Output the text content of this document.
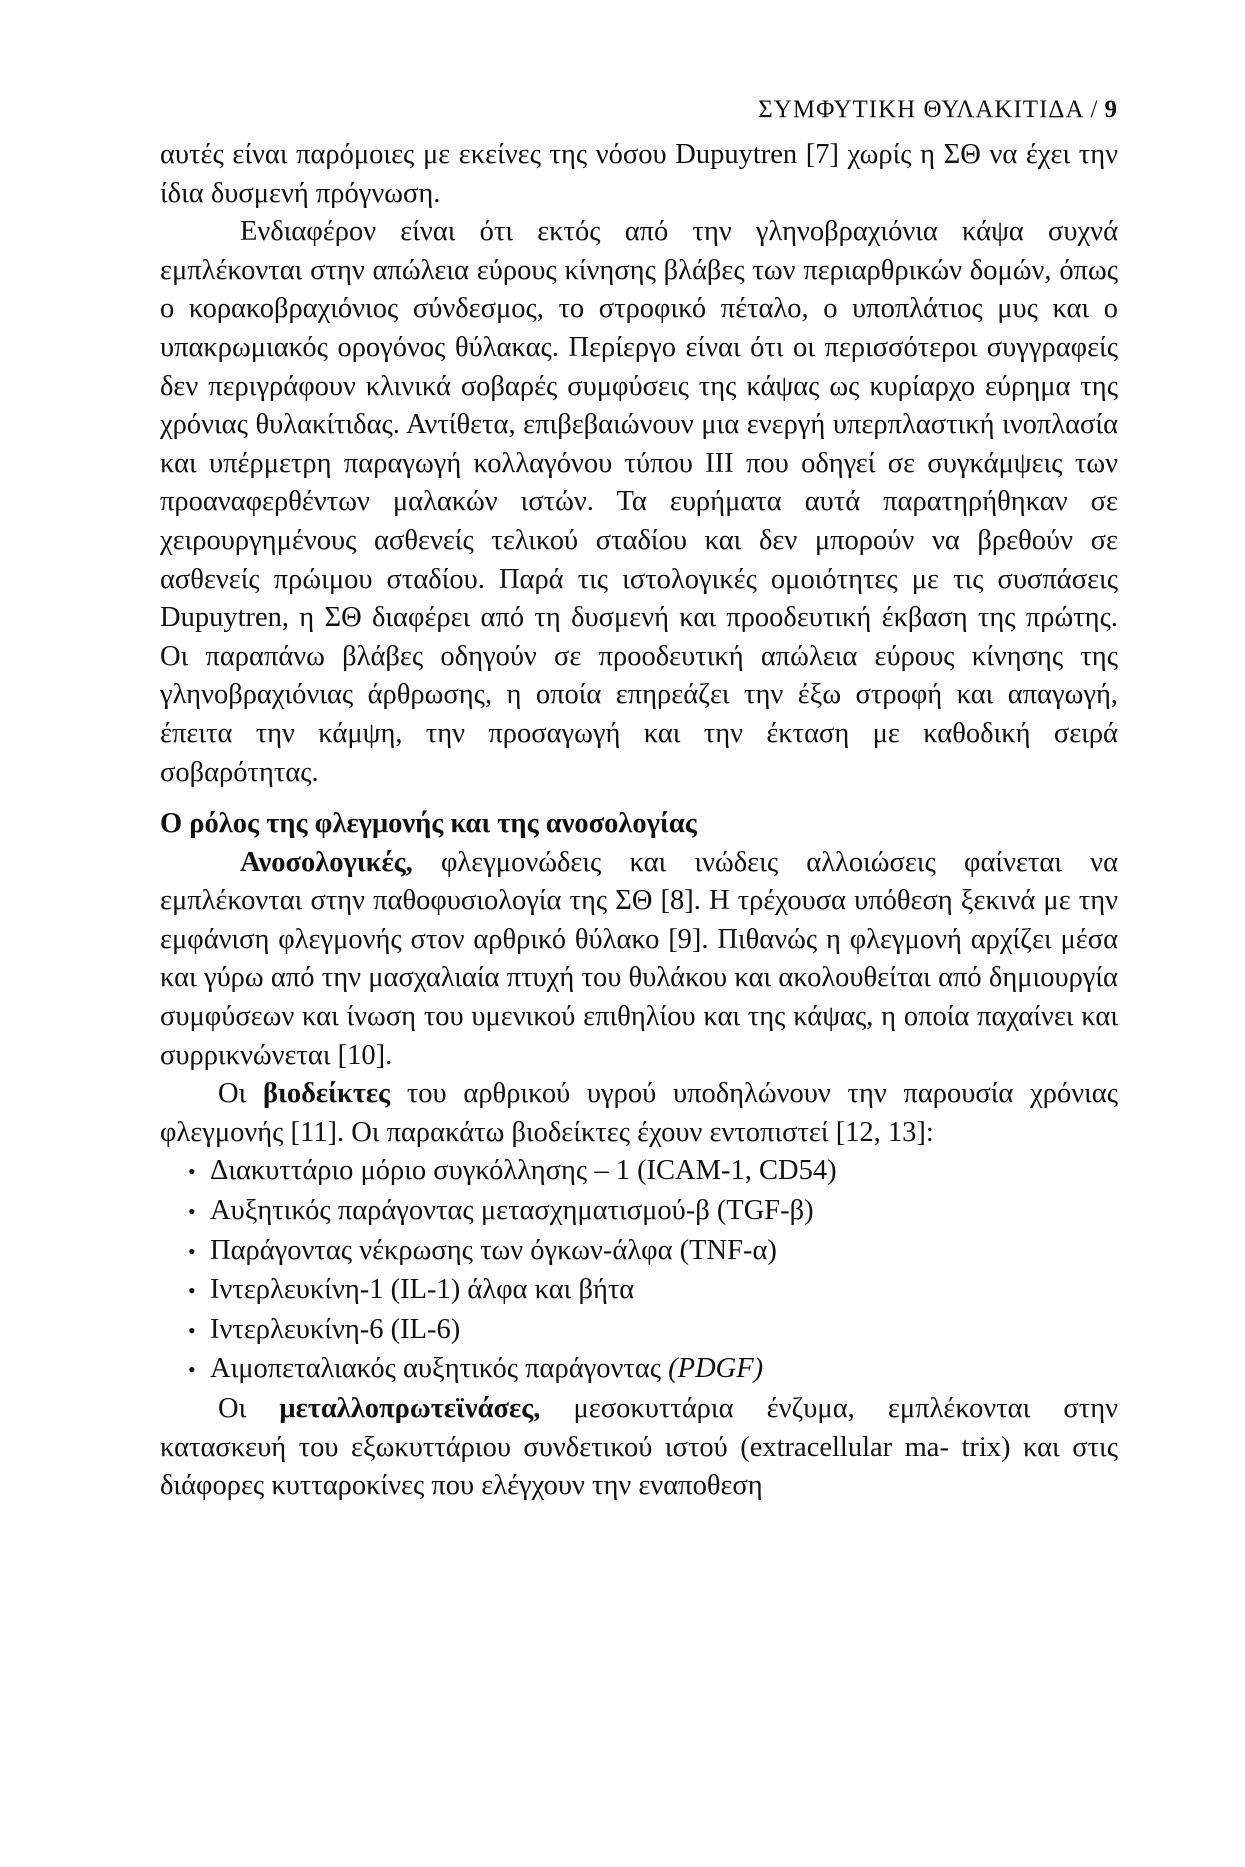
ΣΥΜΦΥΤΙΚΗ ΘΥΛΑΚΙΤΙΔΑ / 9

αυτές είναι παρόμοιες με εκείνες της νόσου Dupuytren [7] χωρίς η ΣΘ να έχει την ίδια δυσμενή πρόγνωση.

Ενδιαφέρον είναι ότι εκτός από την γληνοβραχιόνια κάψα συχνά εμπλέκονται στην απώλεια εύρους κίνησης βλάβες των περιαρθρικών δομών, όπως ο κορακοβραχιόνιος σύνδεσμος, το στροφικό πέταλο, ο υποπλάτιος μυς και ο υπακρωμιακός ορογόνος θύλακας. Περίεργο είναι ότι οι περισσότεροι συγγραφείς δεν περιγράφουν κλινικά σοβαρές συμφύσεις της κάψας ως κυρίαρχο εύρημα της χρόνιας θυλακίτιδας. Αντίθετα, επιβεβαιώνουν μια ενεργή υπερπλαστική ινοπλασία και υπέρμετρη παραγωγή κολλαγόνου τύπου ΙΙΙ που οδηγεί σε συγκάμψεις των προαναφερθέντων μαλακών ιστών. Τα ευρήματα αυτά παρατηρήθηκαν σε χειρουργημένους ασθενείς τελικού σταδίου και δεν μπορούν να βρεθούν σε ασθενείς πρώιμου σταδίου. Παρά τις ιστολογικές ομοιότητες με τις συσπάσεις Dupuytren, η ΣΘ διαφέρει από τη δυσμενή και προοδευτική έκβαση της πρώτης. Οι παραπάνω βλάβες οδηγούν σε προοδευτική απώλεια εύρους κίνησης της γληνοβραχιόνιας άρθρωσης, η οποία επηρεάζει την έξω στροφή και απαγωγή, έπειτα την κάμψη, την προσαγωγή και την έκταση με καθοδική σειρά σοβαρότητας.

Ο ρόλος της φλεγμονής και της ανοσολογίας

Ανοσολογικές, φλεγμονώδεις και ινώδεις αλλοιώσεις φαίνεται να εμπλέκονται στην παθοφυσιολογία της ΣΘ [8]. Η τρέχουσα υπόθεση ξεκινά με την εμφάνιση φλεγμονής στον αρθρικό θύλακο [9]. Πιθανώς η φλεγμονή αρχίζει μέσα και γύρω από την μασχαλιαία πτυχή του θυλάκου και ακολουθείται από δημιουργία συμφύσεων και ίνωση του υμενικού επιθηλίου και της κάψας, η οποία παχαίνει και συρρικνώνεται [10].

Οι βιοδείκτες του αρθρικού υγρού υποδηλώνουν την παρουσία χρόνιας φλεγμονής [11]. Οι παρακάτω βιοδείκτες έχουν εντοπιστεί [12, 13]:

• Διακυττάριο μόριο συγκόλλησης – 1 (ICAM-1, CD54)
• Αυξητικός παράγοντας μετασχηματισμού-β (TGF-β)
• Παράγοντας νέκρωσης των όγκων-άλφα (TNF-α)
• Ιντερλευκίνη-1 (IL-1) άλφα και βήτα
• Ιντερλευκίνη-6 (IL-6)
• Αιμοπεταλιακός αυξητικός παράγοντας (PDGF)

Οι μεταλλοπρωτεϊνάσες, μεσοκυττάρια ένζυμα, εμπλέκονται στην κατασκευή του εξωκυττάριου συνδετικού ιστού (extracellular ma- trix) και στις διάφορες κυτταροκίνες που ελέγχουν την εναποθεση
